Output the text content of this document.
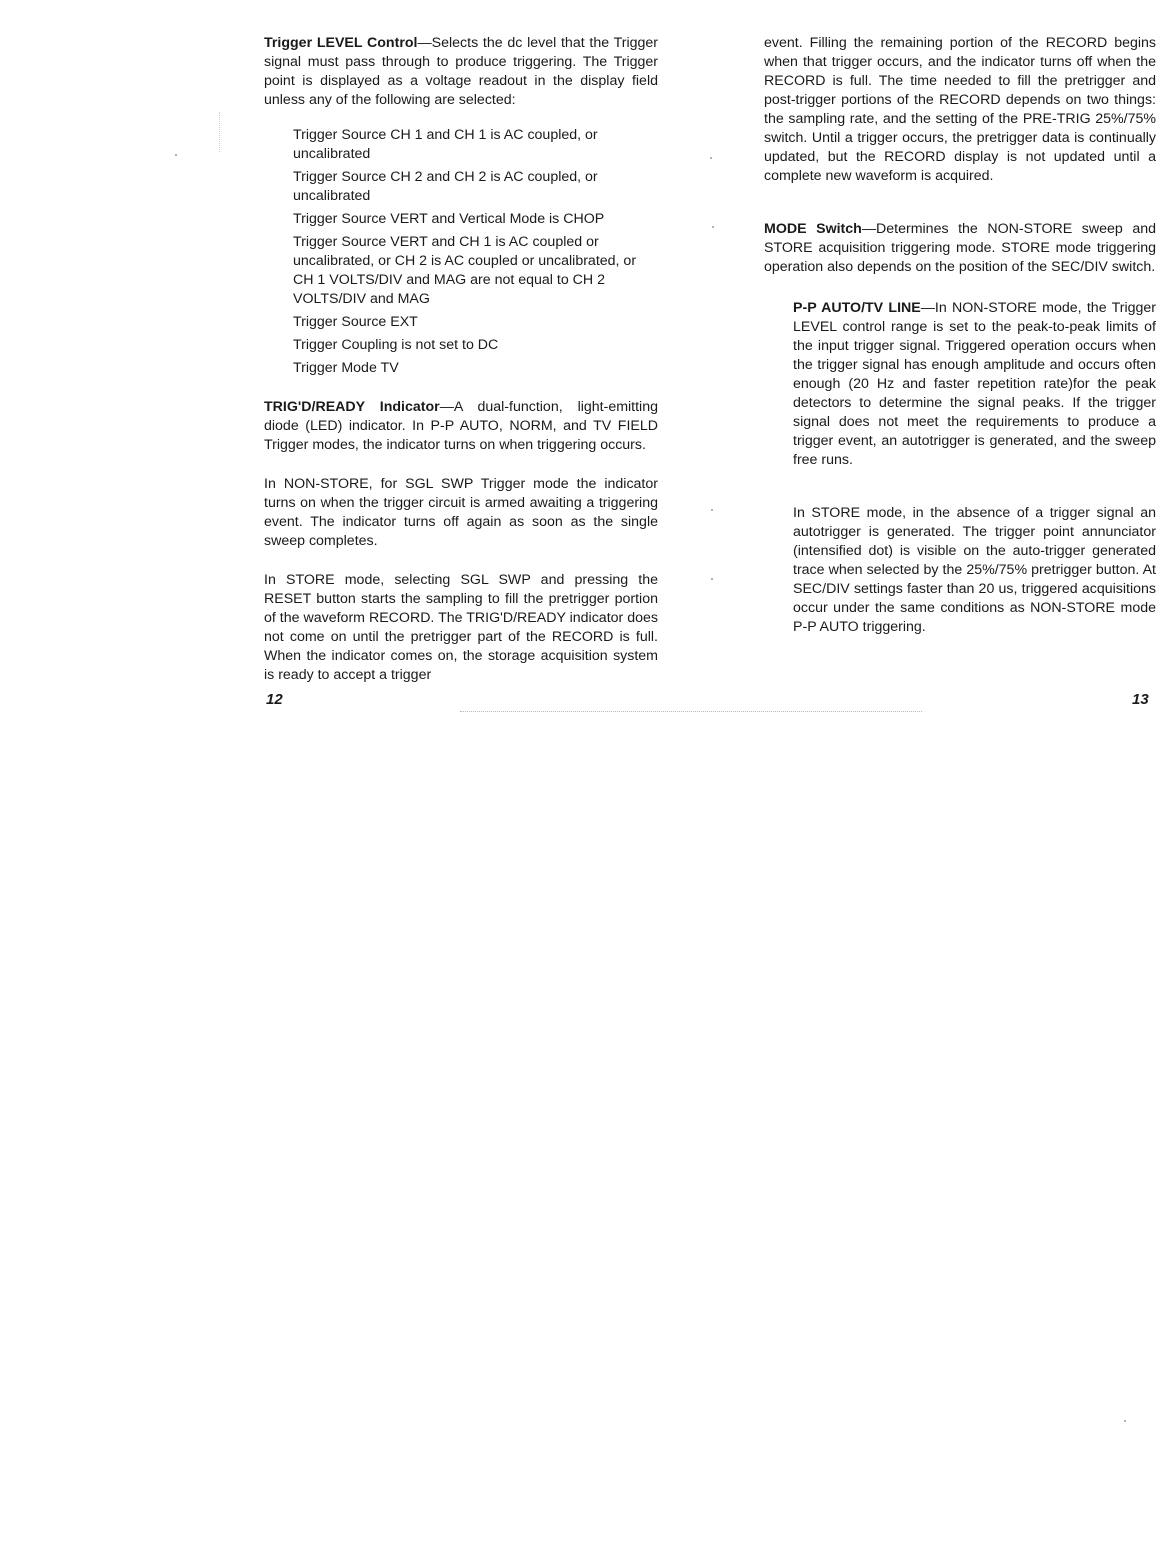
Trigger LEVEL Control—Selects the dc level that the Trigger signal must pass through to produce triggering. The Trigger point is displayed as a voltage readout in the display field unless any of the following are selected:

Trigger Source CH 1 and CH 1 is AC coupled, or uncalibrated
Trigger Source CH 2 and CH 2 is AC coupled, or uncalibrated
Trigger Source VERT and Vertical Mode is CHOP
Trigger Source VERT and CH 1 is AC coupled or uncalibrated, or CH 2 is AC coupled or uncalibrated, or CH 1 VOLTS/DIV and MAG are not equal to CH 2 VOLTS/DIV and MAG
Trigger Source EXT
Trigger Coupling is not set to DC
Trigger Mode TV

TRIG'D/READY Indicator—A dual-function, light-emitting diode (LED) indicator. In P-P AUTO, NORM, and TV FIELD Trigger modes, the indicator turns on when triggering occurs.

In NON-STORE, for SGL SWP Trigger mode the indicator turns on when the trigger circuit is armed awaiting a triggering event. The indicator turns off again as soon as the single sweep completes.

In STORE mode, selecting SGL SWP and pressing the RESET button starts the sampling to fill the pretrigger portion of the waveform RECORD. The TRIG'D/READY indicator does not come on until the pretrigger part of the RECORD is full. When the indicator comes on, the storage acquisition system is ready to accept a trigger

event. Filling the remaining portion of the RECORD begins when that trigger occurs, and the indicator turns off when the RECORD is full. The time needed to fill the pretrigger and post-trigger portions of the RECORD depends on two things: the sampling rate, and the setting of the PRE-TRIG 25%/75% switch. Until a trigger occurs, the pretrigger data is continually updated, but the RECORD display is not updated until a complete new waveform is acquired.

MODE Switch—Determines the NON-STORE sweep and STORE acquisition triggering mode. STORE mode triggering operation also depends on the position of the SEC/DIV switch.

P-P AUTO/TV LINE—In NON-STORE mode, the Trigger LEVEL control range is set to the peak-to-peak limits of the input trigger signal. Triggered operation occurs when the trigger signal has enough amplitude and occurs often enough (20 Hz and faster repetition rate)for the peak detectors to determine the signal peaks. If the trigger signal does not meet the requirements to produce a trigger event, an autotrigger is generated, and the sweep free runs.

In STORE mode, in the absence of a trigger signal an autotrigger is generated. The trigger point annunciator (intensified dot) is visible on the auto-trigger generated trace when selected by the 25%/75% pretrigger button. At SEC/DIV settings faster than 20 us, triggered acquisitions occur under the same conditions as NON-STORE mode P-P AUTO triggering.

12	13
